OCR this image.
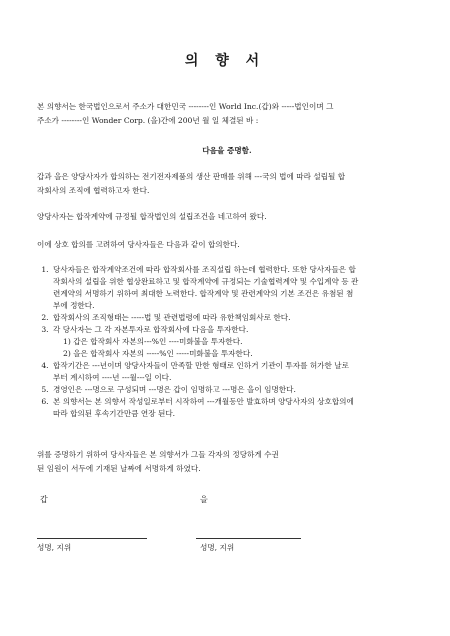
의 향 서
본 의향서는 한국법인으로서 주소가 대한민국 --------인 World Inc.(갑)와 -----법인이며 그
주소가 --------인 Wonder Corp. (을)간에 200년 월 일 체결된 바 :
다음을 증명함.
갑과 을은 양당사자가 합의하는 전기전자제품의 생산 판매를 위해 ---국의 법에 따라 설립될 합
작회사의 조직에 협력하고자 한다.
양당사자는 합작계약에 규정될 합작법인의 설립조건을 네고하여 왔다.
이에 상호 합의를 고려하여 당사자들은 다음과 같이 합의한다.
1. 당사자들은 합작계약조건에 따라 합작회사를 조직설립 하는데 협력한다. 또한 당사자들은 합
작회사의 설립을 위한 협상완료하고 및 합작계약에 규정되는 기술협력계약 및 수입계약 등 관
련계약의 서명하기 위하여 최대한 노력한다. 합작계약 및 관련계약의 기본 조건은 유첨된 첨
부에 정한다.
2. 합작회사의 조직형태는 -----법 및 관련법령에 따라 유한책임회사로 한다.
3. 각 당사자는 그 각 자본투자로 합작회사에 다음을 투자한다.
1) 갑은 합작회사 자본의---%인 ----미화불을 투자한다.
2) 을은 합작회사 자본의 -----%인 -----미화불을 투자한다.
4. 합작기간은 ---년이며 양당사자들이 만족할 만한 형태로 인하거 기관이 투자를 허가한 날로
부터 계시하여 ----년 ---월---일 이다.
5. 경영인은 ---명으로 구성되며 ---명은 갑이 임명하고 ---명은 을이 임명한다.
6. 본 의향서는 본 의향서 작성일로부터 시작하여 ---개월동안 발효하며 양당사자의 상호합의에
따라 합의된 후속기간만큼 연장 된다.
위를 증명하기 위하여 당사자들은 본 의향서가 그들 각자의 정당하게 수권
된 임원이 서두에 기재된 날짜에 서명하게 하였다.
갑	을
성명, 지위	성명, 지위
